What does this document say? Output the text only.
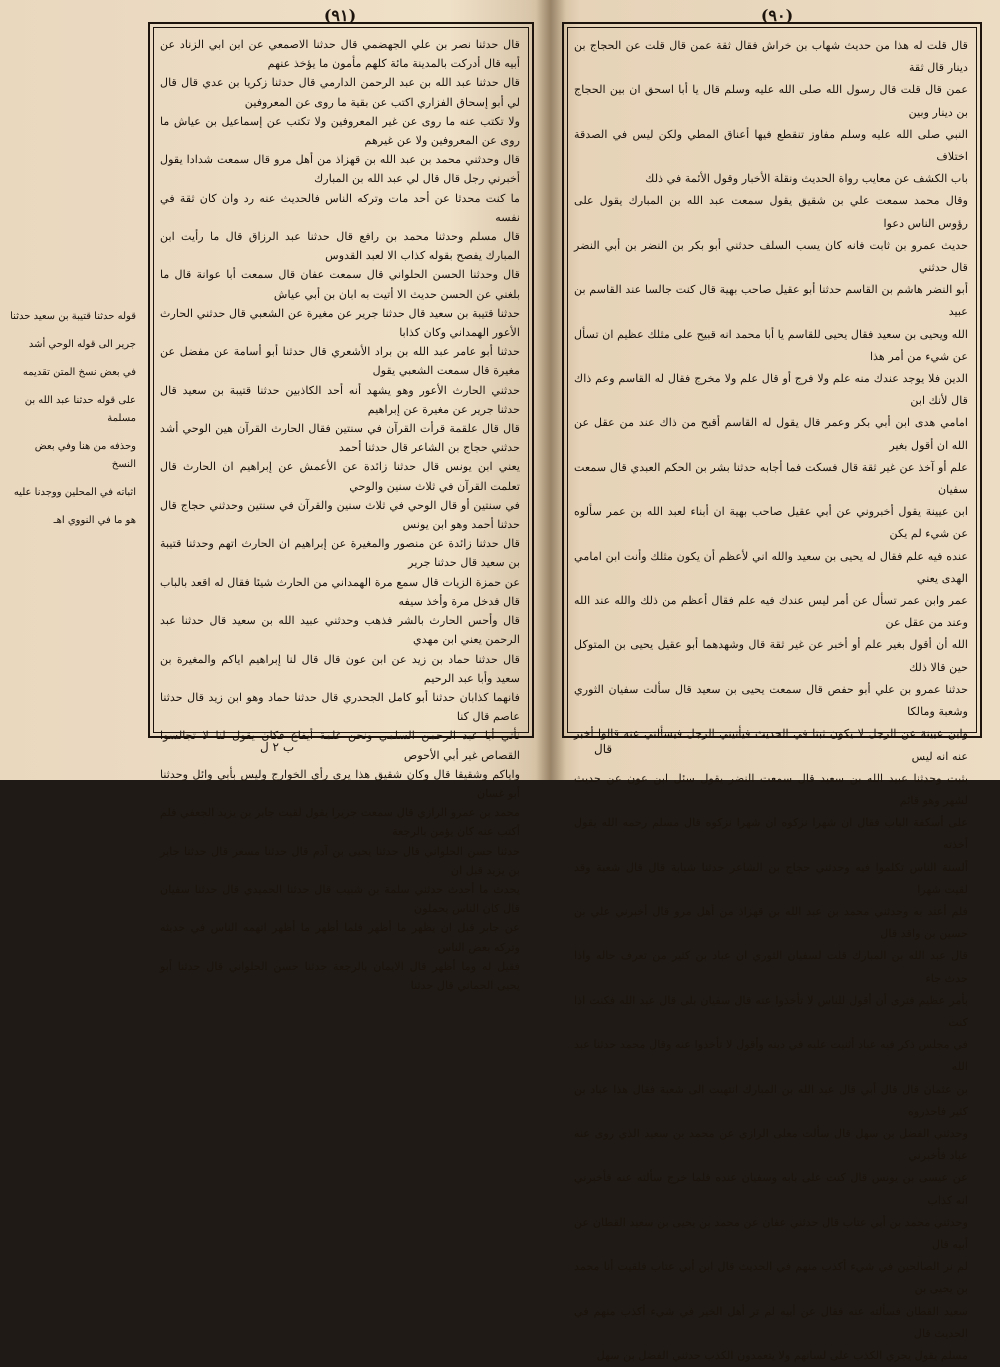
(٩١)

قال حدثنا نصر بن علي الجهضمي قال حدثنا الاصمعي عن ابن ابي الزناد عن أبيه قال أدركت بالمدينة مائة كلهم مأمون ما يؤخذ عنهم

قال حدثنا عبد الله بن عبد الرحمن الدارمي قال حدثنا زكريا بن عدي قال قال لي أبو إسحاق الفزاري اكتب عن بقية ما روى عن المعروفين

ولا تكتب عنه ما روى عن غير المعروفين ولا تكتب عن إسماعيل بن عياش ما روى عن المعروفين ولا عن غيرهم

قال وحدثني محمد بن عبد الله بن قهزاذ من أهل مرو قال سمعت شدادا يقول أخبرني رجل قال قال لي عبد الله بن المبارك

ما كنت محدثا عن أحد مات وتركه الناس فالحديث عنه رد وان كان ثقة في نفسه

قال مسلم وحدثنا محمد بن رافع قال حدثنا عبد الرزاق قال ما رأيت ابن المبارك يفصح بقوله كذاب الا لعبد القدوس

قال وحدثنا الحسن الحلواني قال سمعت عفان قال سمعت أبا عوانة قال ما بلغني عن الحسن حديث الا أتيت به ابان بن أبي عياش

حدثنا قتيبة بن سعيد قال حدثنا جرير عن مغيرة عن الشعبي قال حدثني الحارث الأعور الهمداني وكان كذابا

حدثنا أبو عامر عبد الله بن براد الأشعري قال حدثنا أبو أسامة عن مفضل عن مغيرة قال سمعت الشعبي يقول

حدثني الحارث الأعور وهو يشهد أنه أحد الكاذبين حدثنا قتيبة بن سعيد قال حدثنا جرير عن مغيرة عن إبراهيم

قال قال علقمة قرأت القرآن في سنتين فقال الحارث القرآن هين الوحي أشد حدثني حجاج بن الشاعر قال حدثنا أحمد

يعني ابن يونس قال حدثنا زائدة عن الأعمش عن إبراهيم ان الحارث قال تعلمت القرآن في ثلاث سنين والوحي

في سنتين أو قال الوحي في ثلاث سنين والقرآن في سنتين وحدثني حجاج قال حدثنا أحمد وهو ابن يونس

قال حدثنا زائدة عن منصور والمغيرة عن إبراهيم ان الحارث اتهم وحدثنا قتيبة بن سعيد قال حدثنا جرير

عن حمزة الزيات قال سمع مرة الهمداني من الحارث شيئا فقال له اقعد بالباب قال فدخل مرة وأخذ سيفه

قال وأحس الحارث بالشر فذهب وحدثني عبيد الله بن سعيد قال حدثنا عبد الرحمن يعني ابن مهدي

قال حدثنا حماد بن زيد عن ابن عون قال قال لنا إبراهيم اياكم والمغيرة بن سعيد وأبا عبد الرحيم

فانهما كذابان حدثنا أبو كامل الجحدري قال حدثنا حماد وهو ابن زيد قال حدثنا عاصم قال كنا

نأتي أبا عبد الرحمن السلمي ونحن غلمة أيفاع فكان يقول لنا لا تجالسوا القصاص غير أبي الأحوص

واياكم وشقيقا قال وكان شقيق هذا يرى رأي الخوارج وليس بأبي وائل وحدثنا أبو غسان

محمد بن عمرو الرازي قال سمعت جريرا يقول لقيت جابر بن يزيد الجعفي فلم أكتب عنه كان يؤمن بالرجعة

حدثنا حسن الحلواني قال حدثنا يحيى بن آدم قال حدثنا مسعر قال حدثنا جابر بن يزيد قبل ان

يحدث ما أحدث حدثني سلمة بن شبيب قال حدثنا الحميدي قال حدثنا سفيان قال كان الناس يحملون

عن جابر قبل ان يظهر ما أظهر فلما أظهر ما أظهر اتهمه الناس في حديثه وتركه بعض الناس

فقيل له وما أظهر قال الايمان بالرجعة حدثنا حسن الحلواني قال حدثنا أبو يحيى الحماني قال حدثنا

قوله حدثنا قتيبة بن سعيد حدثنا

جرير الى قوله الوحي أشد

في بعض نسخ المتن تقديمه

على قوله حدثنا عبد الله بن مسلمة

وحذفه من هنا وفي بعض النسخ

اثباته في المحلين ووجدنا عليه

هو ما في النووي اهـ

ب ٢ ل
(٩٠)

قال قلت له هذا من حديث شهاب بن خراش فقال ثقة عمن قال قلت عن الحجاج بن دينار قال ثقة

عمن قال قلت قال رسول الله صلى الله عليه وسلم قال يا أبا اسحق ان بين الحجاج بن دينار وبين

النبي صلى الله عليه وسلم مفاوز تنقطع فيها أعناق المطي ولكن ليس في الصدقة اختلاف

باب الكشف عن معايب رواة الحديث ونقلة الأخبار وقول الأئمة في ذلك

وقال محمد سمعت علي بن شقيق يقول سمعت عبد الله بن المبارك يقول على رؤوس الناس دعوا

حديث عمرو بن ثابت فانه كان يسب السلف حدثني أبو بكر بن النضر بن أبي النضر قال حدثني

أبو النضر هاشم بن القاسم حدثنا أبو عقيل صاحب بهية قال كنت جالسا عند القاسم بن عبيد

الله ويحيى بن سعيد فقال يحيى للقاسم يا أبا محمد انه قبيح على مثلك عظيم ان تسأل عن شيء من أمر هذا

الدين فلا يوجد عندك منه علم ولا فرج أو قال علم ولا مخرج فقال له القاسم وعم ذاك قال لأنك ابن

امامي هدى ابن أبي بكر وعمر قال يقول له القاسم أقبح من ذاك عند من عقل عن الله ان أقول بغير

علم أو آخذ عن غير ثقة قال فسكت فما أجابه حدثنا بشر بن الحكم العبدي قال سمعت سفيان

ابن عيينة يقول أخبروني عن أبي عقيل صاحب بهية ان أبناء لعبد الله بن عمر سألوه عن شيء لم يكن

عنده فيه علم فقال له يحيى بن سعيد والله اني لأعظم أن يكون مثلك وأنت ابن امامي الهدى يعني

عمر وابن عمر تسأل عن أمر ليس عندك فيه علم فقال أعظم من ذلك والله عند الله وعند من عقل عن

الله أن أقول بغير علم أو أخبر عن غير ثقة قال وشهدهما أبو عقيل يحيى بن المتوكل حين قالا ذلك

حدثنا عمرو بن علي أبو حفص قال سمعت يحيى بن سعيد قال سألت سفيان الثوري وشعبة ومالكا

وابن عيينة عن الرجل لا يكون ثبتا في الحديث فيأتيني الرجل فيسألني عنه قالوا أخبر عنه انه ليس

بثبت وحدثنا عبيد الله بن سعيد قال سمعت النضر يقول سئل ابن عون عن حديث لشهر وهو قائم

على أسكفة الباب فقال ان شهرا نزكوه ان شهرا نزكوه قال مسلم رحمه الله يقول أخذته

ألسنة الناس تكلموا فيه وحدثني حجاج بن الشاعر حدثنا شبابة قال قال شعبة وقد لقيت شهرا

فلم أعتد به وحدثني محمد بن عبد الله بن قهزاذ من أهل مرو قال أخبرني علي بن حسين بن واقد قال

قال عبد الله بن المبارك قلت لسفيان الثوري ان عباد بن كثير من تعرف حاله واذا حدث جاء

بأمر عظيم فترى أن أقول للناس لا تأخذوا عنه قال سفيان بلى قال عبد الله فكنت اذا كنت

في مجلس ذكر فيه عباد أثنيت عليه في دينه وأقول لا تأخذوا عنه وقال محمد حدثنا عبد الله

بن عثمان قال قال أبي قال عبد الله بن المبارك انتهيت الى شعبة فقال هذا عباد بن كثير فاحذروه

وحدثني الفضل بن سهل قال سألت معلى الرازي عن محمد بن سعيد الذي روى عنه عباد فأخبرني

عن عيسى بن يونس قال كنت على بابه وسفيان عنده فلما خرج سألته عنه فأخبرني انه كذاب

وحدثني محمد بن أبي عتاب قال حدثني عفان عن محمد بن يحيى بن سعيد القطان عن أبيه قال

لم نر الصالحين في شيء أكذب منهم في الحديث قال ابن أبي عتاب فلقيت أنا محمد بن يحيى بن

سعيد القطان فسألته عنه فقال عن أبيه لم تر أهل الخير في شيء أكذب منهم في الحديث قال

مسلم يقول يجري الكذب على لسانهم ولا يتعمدون الكذب حدثني الفضل بن سهل

قال
